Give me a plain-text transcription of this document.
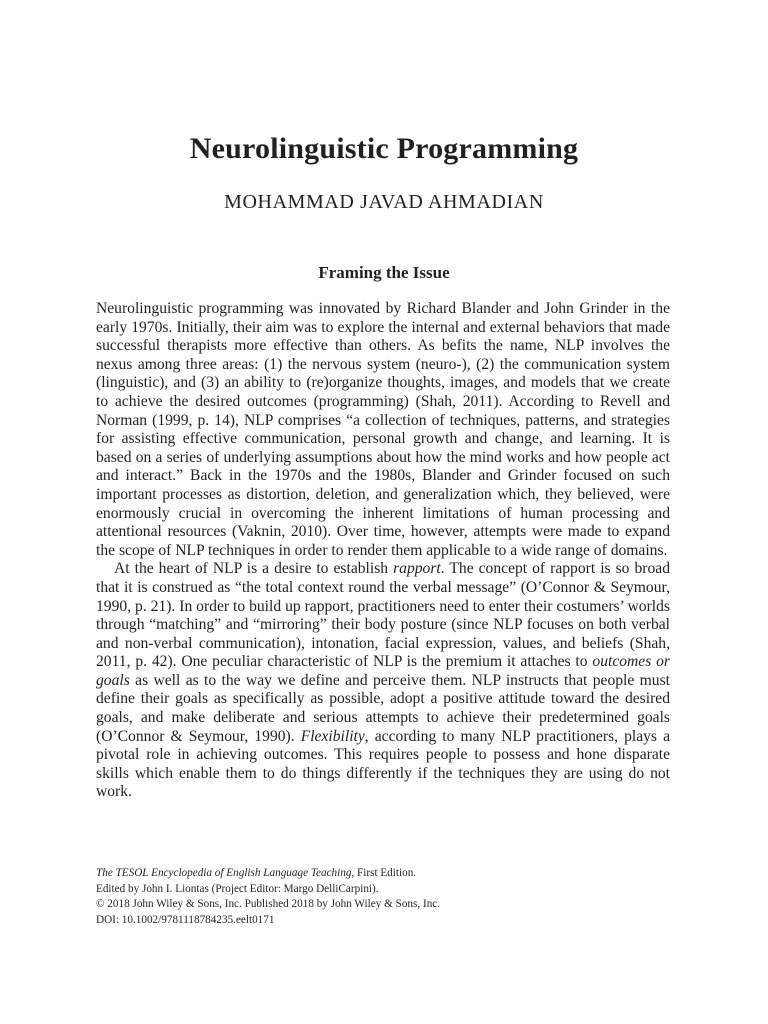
Neurolinguistic Programming
MOHAMMAD JAVAD AHMADIAN
Framing the Issue

Neurolinguistic programming was innovated by Richard Blander and John Grinder in the early 1970s. Initially, their aim was to explore the internal and external behaviors that made successful therapists more effective than others. As befits the name, NLP involves the nexus among three areas: (1) the nervous system (neuro-), (2) the communication system (linguistic), and (3) an ability to (re)organize thoughts, images, and models that we create to achieve the desired outcomes (programming) (Shah, 2011). According to Revell and Norman (1999, p. 14), NLP comprises “a collection of techniques, patterns, and strategies for assisting effective communication, personal growth and change, and learning. It is based on a series of underlying assumptions about how the mind works and how people act and interact.” Back in the 1970s and the 1980s, Blander and Grinder focused on such important processes as distortion, deletion, and generalization which, they believed, were enormously crucial in overcoming the inherent limitations of human processing and attentional resources (Vaknin, 2010). Over time, however, attempts were made to expand the scope of NLP techniques in order to render them applicable to a wide range of domains.

At the heart of NLP is a desire to establish rapport. The concept of rapport is so broad that it is construed as “the total context round the verbal message” (O’Connor & Seymour, 1990, p. 21). In order to build up rapport, practitioners need to enter their costumers’ worlds through “matching” and “mirroring” their body posture (since NLP focuses on both verbal and non-verbal communication), intonation, facial expression, values, and beliefs (Shah, 2011, p. 42). One peculiar characteristic of NLP is the premium it attaches to outcomes or goals as well as to the way we define and perceive them. NLP instructs that people must define their goals as specifically as possible, adopt a positive attitude toward the desired goals, and make deliberate and serious attempts to achieve their predetermined goals (O’Connor & Seymour, 1990). Flexibility, according to many NLP practitioners, plays a pivotal role in achieving outcomes. This requires people to possess and hone disparate skills which enable them to do things differently if the techniques they are using do not work.

The TESOL Encyclopedia of English Language Teaching, First Edition.
Edited by John I. Liontas (Project Editor: Margo DelliCarpini).
© 2018 John Wiley & Sons, Inc. Published 2018 by John Wiley & Sons, Inc.
DOI: 10.1002/9781118784235.eelt0171
